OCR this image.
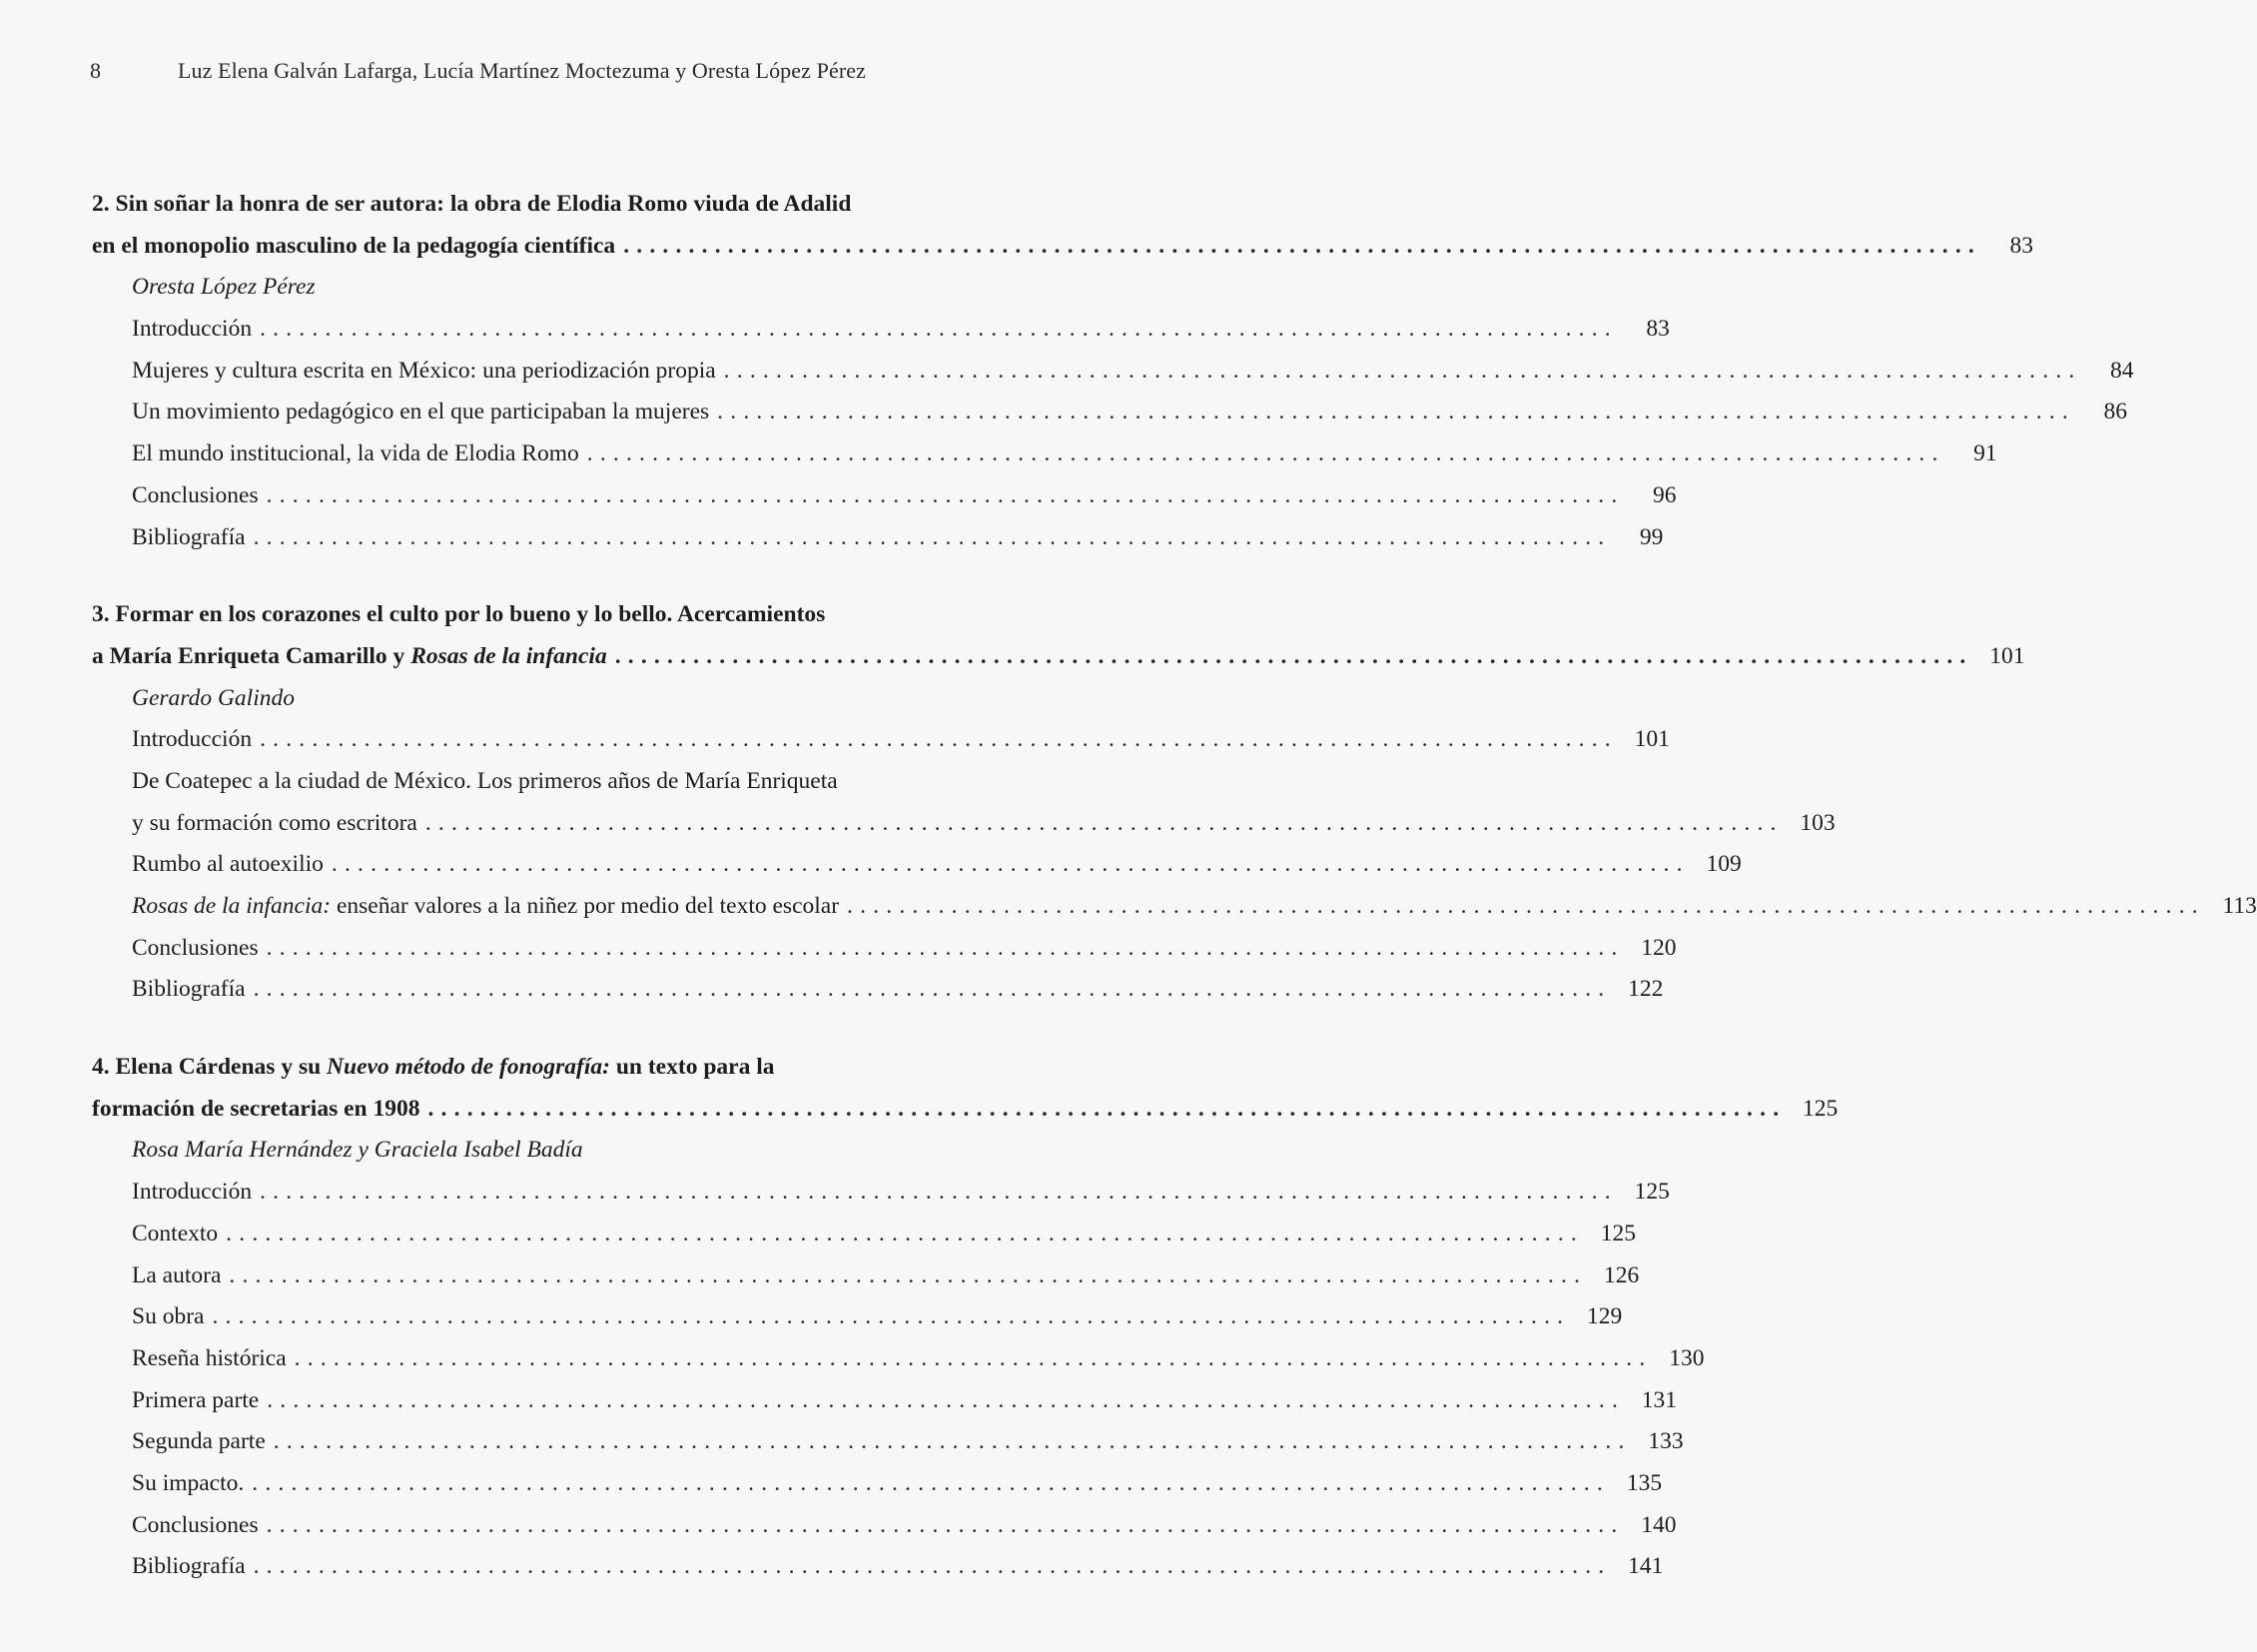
8	Luz Elena Galván Lafarga, Lucía Martínez Moctezuma y Oresta López Pérez
2. Sin soñar la honra de ser autora: la obra de Elodia Romo viuda de Adalid
en el monopolio masculino de la pedagogía científica ........................................................................................................	83
Oresta López Pérez
Introducción ........................................................................................................	83
Mujeres y cultura escrita en México: una periodización propia ........................................................................................................	84
Un movimiento pedagógico en el que participaban la mujeres ........................................................................................................	86
El mundo institucional, la vida de Elodia Romo ........................................................................................................	91
Conclusiones ........................................................................................................	96
Bibliografía ........................................................................................................	99
3. Formar en los corazones el culto por lo bueno y lo bello. Acercamientos
a María Enriqueta Camarillo y Rosas de la infancia ........................................................................................................ 101
Gerardo Galindo
Introducción ........................................................................................................ 101
De Coatepec a la ciudad de México. Los primeros años de María Enriqueta
y su formación como escritora ........................................................................................................ 103
Rumbo al autoexilio ........................................................................................................ 109
Rosas de la infancia: enseñar valores a la niñez por medio del texto escolar ........................................................................................................ 113
Conclusiones ........................................................................................................ 120
Bibliografía ........................................................................................................ 122
4. Elena Cárdenas y su Nuevo método de fonografía: un texto para la
formación de secretarias en 1908 ........................................................................................................ 125
Rosa María Hernández y Graciela Isabel Badía
Introducción ........................................................................................................ 125
Contexto ........................................................................................................ 125
La autora ........................................................................................................ 126
Su obra ........................................................................................................ 129
Reseña histórica ........................................................................................................ 130
Primera parte ........................................................................................................ 131
Segunda parte ........................................................................................................ 133
Su impacto. ........................................................................................................ 135
Conclusiones ........................................................................................................ 140
Bibliografía ........................................................................................................ 141
